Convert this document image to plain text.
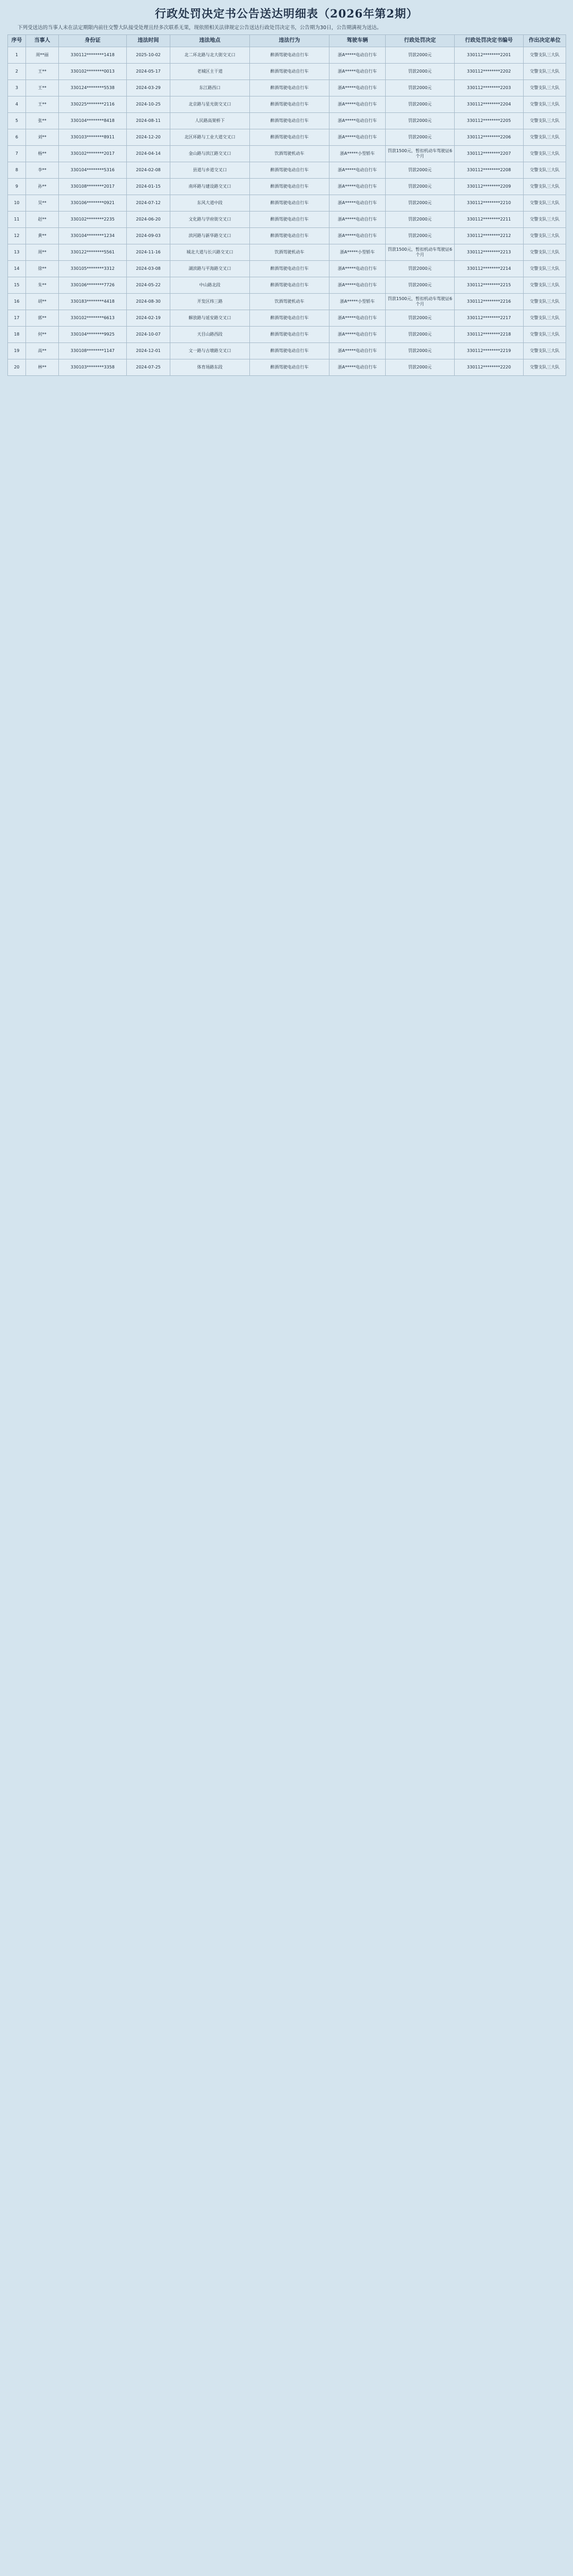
行政处罚决定书公告送达明细表（2026年第2期）
下列受送达的当事人未在法定期限内前往交警大队接受处理且经多次联系无果，现依照相关法律规定公告送达行政处罚决定书，公告期为30日，公告期满视为送达。
序号	当事人	身份证	违法时间	违法地点	违法行为	驾驶车辆	行政处罚决定	行政处罚决定书编号	作出决定单位
1	周**丽	330112********1418	2025-10-02	北二环北路与北大街交叉口	醉酒驾驶电动自行车	浙A*****电动自行车	罚款2000元	330112********2201	交警支队三大队
2	王**	330102********0013	2024-05-17	老城区主干道	醉酒驾驶电动自行车	浙A*****电动自行车	罚款2000元	330112********2202	交警支队三大队
3	王**	330124********5538	2024-03-29	东江路西口	醉酒驾驶电动自行车	浙A*****电动自行车	罚款2000元	330112********2203	交警支队三大队
4	王**	330225********2116	2024-10-25	北京路与星光街交叉口	醉酒驾驶电动自行车	浙A*****电动自行车	罚款2000元	330112********2204	交警支队三大队
5	张**	330104********8418	2024-08-11	人民路高架桥下	醉酒驾驶电动自行车	浙A*****电动自行车	罚款2000元	330112********2205	交警支队三大队
6	刘**	330103********8911	2024-12-20	北区环路与工业大道交叉口	醉酒驾驶电动自行车	浙A*****电动自行车	罚款2000元	330112********2206	交警支队三大队
7	杨**	330102********2017	2024-04-14	金山路与滨江路交叉口	饮酒驾驶机动车	浙A*****小型轿车	罚款1500元，暂扣机动车驾驶证6个月	330112********2207	交警支队三大队
8	李**	330104********5316	2024-02-08	县道与乡道交叉口	醉酒驾驶电动自行车	浙A*****电动自行车	罚款2000元	330112********2208	交警支队三大队
9	孙**	330108********2017	2024-01-15	南环路与建设路交叉口	醉酒驾驶电动自行车	浙A*****电动自行车	罚款2000元	330112********2209	交警支队三大队
10	吴**	330106********0921	2024-07-12	东风大道中段	醉酒驾驶电动自行车	浙A*****电动自行车	罚款2000元	330112********2210	交警支队三大队
11	赵**	330102********2235	2024-06-20	文化路与学府街交叉口	醉酒驾驶电动自行车	浙A*****电动自行车	罚款2000元	330112********2211	交警支队三大队
12	黄**	330104********1234	2024-09-03	滨河路与新华路交叉口	醉酒驾驶电动自行车	浙A*****电动自行车	罚款2000元	330112********2212	交警支队三大队
13	周**	330122********5561	2024-11-16	城北大道与长兴路交叉口	饮酒驾驶机动车	浙A*****小型轿车	罚款1500元，暂扣机动车驾驶证6个月	330112********2213	交警支队三大队
14	徐**	330105********3312	2024-03-08	湖滨路与平海路交叉口	醉酒驾驶电动自行车	浙A*****电动自行车	罚款2000元	330112********2214	交警支队三大队
15	朱**	330106********7726	2024-05-22	中山路北段	醉酒驾驶电动自行车	浙A*****电动自行车	罚款2000元	330112********2215	交警支队三大队
16	胡**	330183********4418	2024-08-30	开发区纬三路	饮酒驾驶机动车	浙A*****小型轿车	罚款1500元，暂扣机动车驾驶证6个月	330112********2216	交警支队三大队
17	郭**	330102********6613	2024-02-19	解放路与延安路交叉口	醉酒驾驶电动自行车	浙A*****电动自行车	罚款2000元	330112********2217	交警支队三大队
18	何**	330104********9925	2024-10-07	天目山路西段	醉酒驾驶电动自行车	浙A*****电动自行车	罚款2000元	330112********2218	交警支队三大队
19	高**	330108********1147	2024-12-01	文一路与古墩路交叉口	醉酒驾驶电动自行车	浙A*****电动自行车	罚款2000元	330112********2219	交警支队三大队
20	林**	330103********3358	2024-07-25	体育场路东段	醉酒驾驶电动自行车	浙A*****电动自行车	罚款2000元	330112********2220	交警支队三大队
